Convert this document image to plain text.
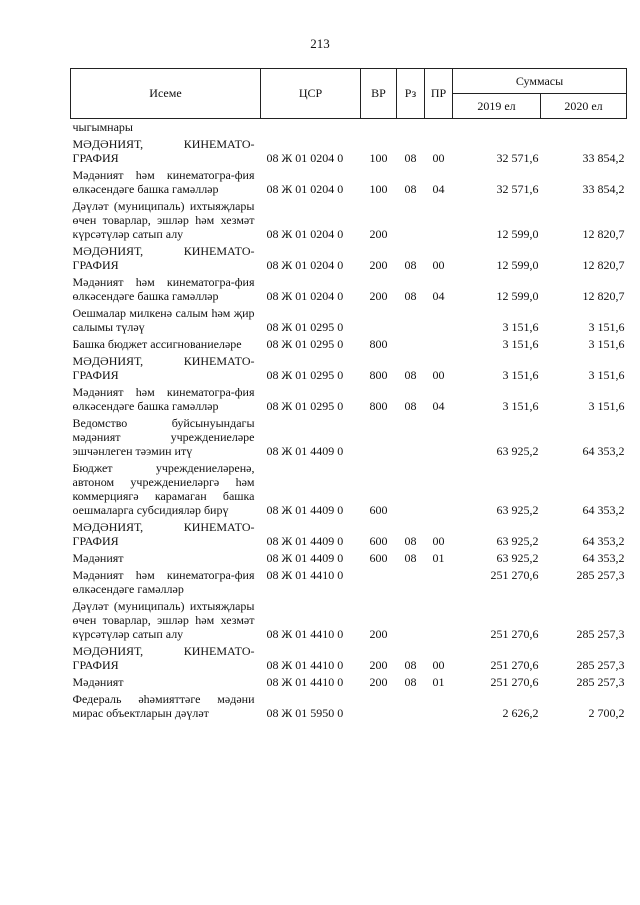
213
Исеме	ЦСР	ВР	Рз	ПР	Суммасы	
					2019 ел	2020 ел
чыгымнары						
МӘДӘНИЯТ, КИНЕМАТО-ГРАФИЯ	08 Ж 01 0204 0	100	08	00	32 571,6	33 854,2
Мәдәният һәм кинематогра-фия өлкәсендәге башка гамәлләр	08 Ж 01 0204 0	100	08	04	32 571,6	33 854,2
Дәүләт (муниципаль) ихтыяҗлары өчен товарлар, эшләр һәм хезмәт күрсәтүләр сатып алу	08 Ж 01 0204 0	200			12 599,0	12 820,7
МӘДӘНИЯТ, КИНЕМАТО-ГРАФИЯ	08 Ж 01 0204 0	200	08	00	12 599,0	12 820,7
Мәдәният һәм кинематогра-фия өлкәсендәге башка гамәлләр	08 Ж 01 0204 0	200	08	04	12 599,0	12 820,7
Оешмалар милкенә салым һәм җир салымы түләү	08 Ж 01 0295 0				3 151,6	3 151,6
Башка бюджет ассигнованиеләре	08 Ж 01 0295 0	800			3 151,6	3 151,6
МӘДӘНИЯТ, КИНЕМАТО-ГРАФИЯ	08 Ж 01 0295 0	800	08	00	3 151,6	3 151,6
Мәдәният һәм кинематогра-фия өлкәсендәге башка гамәлләр	08 Ж 01 0295 0	800	08	04	3 151,6	3 151,6
Ведомство буйсынуындагы мәдәният учреждениеләре эшчәнлеген тәэмин итү	08 Ж 01 4409 0				63 925,2	64 353,2
Бюджет учреждениеләренә, автоном учреждениеләргә һәм коммерциягә карамаган башка оешмаларга субсидияләр бирү	08 Ж 01 4409 0	600			63 925,2	64 353,2
МӘДӘНИЯТ, КИНЕМАТО-ГРАФИЯ	08 Ж 01 4409 0	600	08	00	63 925,2	64 353,2
Мәдәният	08 Ж 01 4409 0	600	08	01	63 925,2	64 353,2
Мәдәният һәм кинематогра-фия өлкәсендәге гамәлләр	08 Ж 01 4410 0				251 270,6	285 257,3
Дәүләт (муниципаль) ихтыяҗлары өчен товарлар, эшләр һәм хезмәт күрсәтүләр сатып алу	08 Ж 01 4410 0	200			251 270,6	285 257,3
МӘДӘНИЯТ, КИНЕМАТО-ГРАФИЯ	08 Ж 01 4410 0	200	08	00	251 270,6	285 257,3
Мәдәният	08 Ж 01 4410 0	200	08	01	251 270,6	285 257,3
Федераль әһәмияттәге мәдәни мирас объектларын дәүләт	08 Ж 01 5950 0				2 626,2	2 700,2
